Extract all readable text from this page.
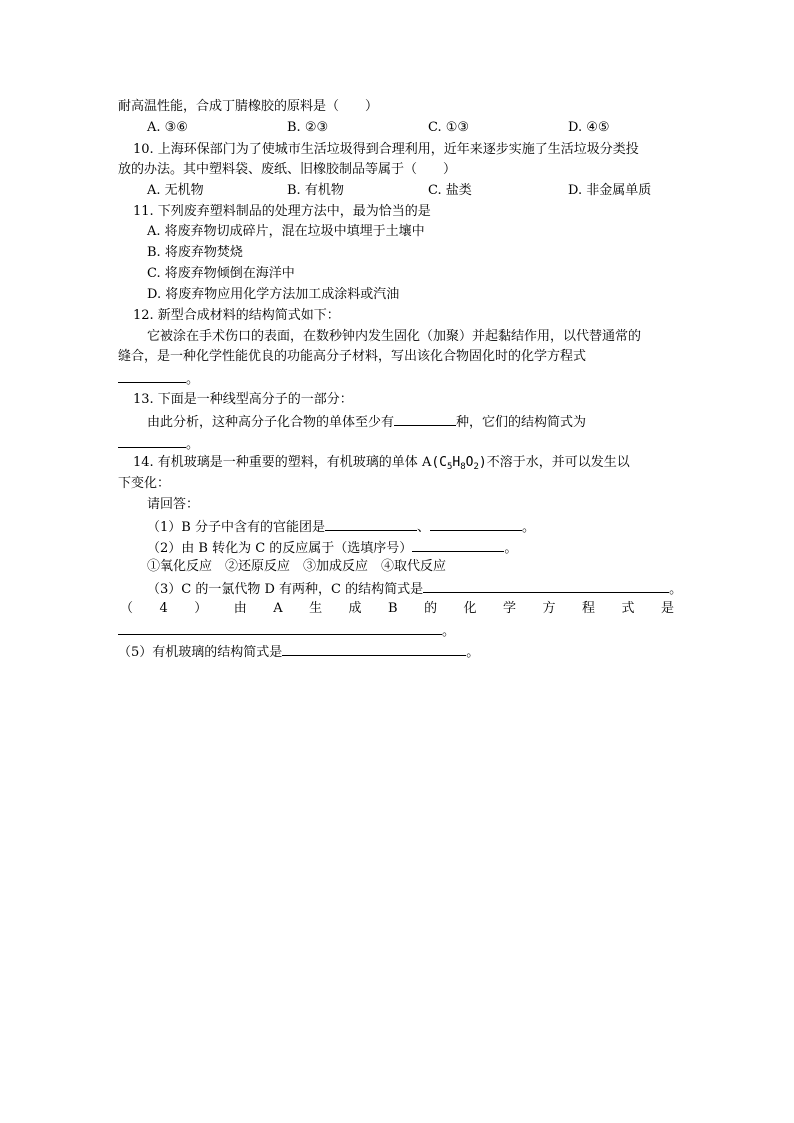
耐高温性能，合成丁腈橡胶的原料是（　　）
A. ③⑥	B. ②③	C. ①③	D. ④⑤
10. 上海环保部门为了使城市生活垃圾得到合理利用，近年来逐步实施了生活垃圾分类投
放的办法。其中塑料袋、废纸、旧橡胶制品等属于（　　）
A. 无机物	B. 有机物	C. 盐类	D. 非金属单质
11. 下列废弃塑料制品的处理方法中，最为恰当的是
A. 将废弃物切成碎片，混在垃圾中填埋于土壤中
B. 将废弃物焚烧
C. 将废弃物倾倒在海洋中
D. 将废弃物应用化学方法加工成涂料或汽油
12. 新型合成材料的结构简式如下：
它被涂在手术伤口的表面，在数秒钟内发生固化（加聚）并起黏结作用，以代替通常的
缝合，是一种化学性能优良的功能高分子材料，写出该化合物固化时的化学方程式
。
13. 下面是一种线型高分子的一部分：
由此分析，这种高分子化合物的单体至少有	种，它们的结构简式为
。
14. 有机玻璃是一种重要的塑料，有机玻璃的单体 $A(C_5H_8O_2)$不溶于水，并可以发生以
下变化：
请回答：
（1）B 分子中含有的官能团是	、	。
（2）由 B 转化为 C 的反应属于（选填序号）	。
①氧化反应　②还原反应　③加成反应　④取代反应
（3）C 的一氯代物 D 有两种，C 的结构简式是	。
（ 4 ） 由 A 生 成 B 的 化 学 方 程 式 是
。
（5）有机玻璃的结构简式是	。
